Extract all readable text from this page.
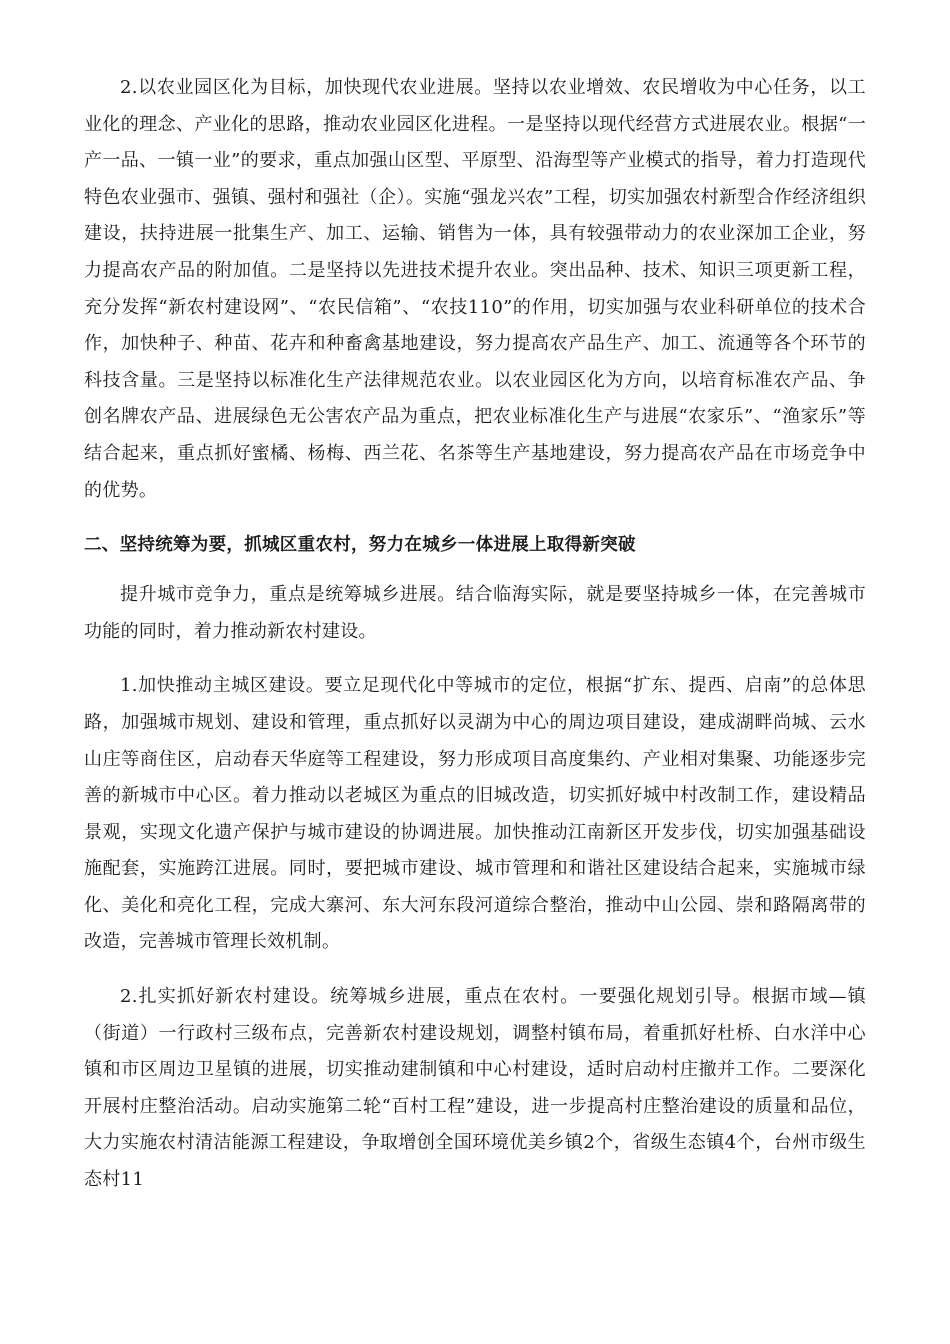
2.以农业园区化为目标，加快现代农业进展。坚持以农业增效、农民增收为中心任务，以工业化的理念、产业化的思路，推动农业园区化进程。一是坚持以现代经营方式进展农业。根据“一产一品、一镇一业”的要求，重点加强山区型、平原型、沿海型等产业模式的指导，着力打造现代特色农业强市、强镇、强村和强社（企）。实施“强龙兴农”工程，切实加强农村新型合作经济组织建设，扶持进展一批集生产、加工、运输、销售为一体，具有较强带动力的农业深加工企业，努力提高农产品的附加值。二是坚持以先进技术提升农业。突出品种、技术、知识三项更新工程，充分发挥“新农村建设网”、“农民信箱”、“农技110”的作用，切实加强与农业科研单位的技术合作，加快种子、种苗、花卉和种畜禽基地建设，努力提高农产品生产、加工、流通等各个环节的科技含量。三是坚持以标准化生产法律规范农业。以农业园区化为方向，以培育标准农产品、争创名牌农产品、进展绿色无公害农产品为重点，把农业标准化生产与进展“农家乐”、“渔家乐”等结合起来，重点抓好蜜橘、杨梅、西兰花、名茶等生产基地建设，努力提高农产品在市场竞争中的优势。

二、坚持统筹为要，抓城区重农村，努力在城乡一体进展上取得新突破

提升城市竞争力，重点是统筹城乡进展。结合临海实际，就是要坚持城乡一体，在完善城市功能的同时，着力推动新农村建设。

1.加快推动主城区建设。要立足现代化中等城市的定位，根据“扩东、提西、启南”的总体思路，加强城市规划、建设和管理，重点抓好以灵湖为中心的周边项目建设，建成湖畔尚城、云水山庄等商住区，启动春天华庭等工程建设，努力形成项目高度集约、产业相对集聚、功能逐步完善的新城市中心区。着力推动以老城区为重点的旧城改造，切实抓好城中村改制工作，建设精品景观，实现文化遗产保护与城市建设的协调进展。加快推动江南新区开发步伐，切实加强基础设施配套，实施跨江进展。同时，要把城市建设、城市管理和和谐社区建设结合起来，实施城市绿化、美化和亮化工程，完成大寨河、东大河东段河道综合整治，推动中山公园、崇和路隔离带的改造，完善城市管理长效机制。

2.扎实抓好新农村建设。统筹城乡进展，重点在农村。一要强化规划引导。根据市域—镇（街道）一行政村三级布点，完善新农村建设规划，调整村镇布局，着重抓好杜桥、白水洋中心镇和市区周边卫星镇的进展，切实推动建制镇和中心村建设，适时启动村庄撤并工作。二要深化开展村庄整治活动。启动实施第二轮“百村工程”建设，进一步提高村庄整治建设的质量和品位，大力实施农村清洁能源工程建设，争取增创全国环境优美乡镇2个，省级生态镇4个，台州市级生态村11
